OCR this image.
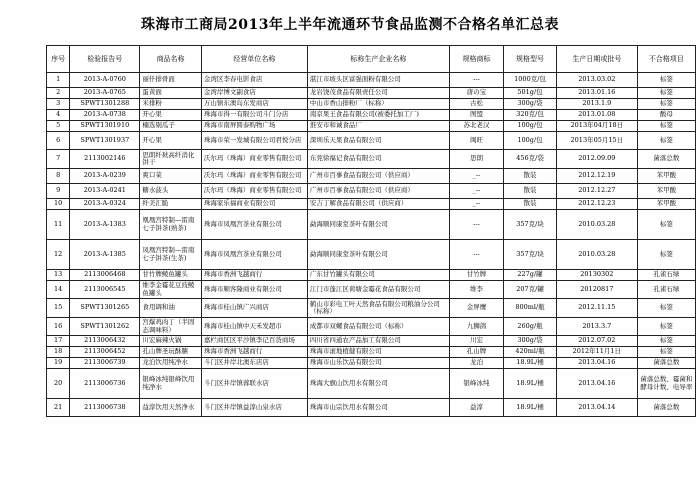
珠海市工商局2013年上半年流通环节食品监测不合格名单汇总表
序号	检验报告号	商品名称	经营单位名称	标称生产企业名称	规格商标	规格型号	生产日期或批号	不合格项目
1	2013-A-0760	丽仟排骨面	金湾区李春电影食店	湛江市坡头区富强面粉有限公司	---	1000克/包	2013.03.02	标签
2	2013-A-0765	蛋黄面	金湾岸博文副食店	龙岩饶茂食品有限责任公司	唐の宝	501g/包	2013.01.16	标签
3	SPWT1301288	米排粉	万山镇东澳岛东发商店	中山市香山排粉厂（标称）	古松	300g/袋	2013.1.9	标签
4	2013-A-0738	开心果	珠海市得一有限公司斗门分店	南京果王食品有限公司(被委托加工厂)	图盟	320克/包	2013.01.08	酸母
5	SPWT1301910	楠选剔瓜子	珠海市南屏圆泰购物广场	淮安市和诚食品厂	苏北老汉	100g/包	2013年04月18日	标签
6	SPWT1301937	开心果	珠海市荣一发城有限公司君悦分店	深圳乐天果食品有限公司	闽旺	100g/包	2013年05月15日	标签
7	2113002146	思朗纤麸高纤消化饼干	沃尔玛（珠海）商业零售有限公司	东莞徐福记食品有限公司	思朗	456克/袋	2012.09.09	菌落总数
8	2013-A-0239	爽口菜	沃尔玛（珠海）商业零售有限公司	广州市百事食品有限公司（供应商）	_--	散装	2012.12.19	苯甲酸
9	2013-A-0241	糖水菠头	沃尔玛（珠海）商业零售有限公司	广州市百事食品有限公司（供应商）	_--	散装	2012.12.27	苯甲酸
10	2013-A-0324	纤美汇脆	珠海家乐福商业有限公司	安吉丁解食品有限公司（供应商）	_--	散装	2012.12.23	苯甲酸
11	2013-A-1383	凰凰宫特制—雷南七子饼茶(熟茶)	珠海市凤凰宫茶业有限公司	勐海顺同康堂茶叶有限公司	---	357克/块	2010.03.28	标签
12	2013-A-1385	凤凰宫特制—雷南七子饼茶(生茶)	珠海市凤凰宫茶业有限公司	勐海顺同康堂茶叶有限公司	---	357克/块	2010.03.28	标签
13	2113006468	甘竹牌鲮鱼罐头	珠海市香洲飞越商行	广东甘竹罐头有限公司	甘竹牌	227g/罐	20130302	孔雀石绿
14	2113006545	维李金霉花豆豉鲮鱼罐头	珠海市顺客隆商业有限公司	江门市蓬江区荷塘金霉花食品有限公司	维李	207克/罐	20120817	孔雀石绿
15	SPWT1301265	食用调和油	珠海市桂山镇广兴商店	鹤山市彩电工叶天然食品有限公司粮油分公司（标称）	金屏鹰	800ml/瓶	2012.11.15	标签
16	SPWT1301262	宫爆鸡肉丁（半固态调味料）	珠海市桂山镇中天禾发超市	成都市双螺食品有限公司（标称）	九狮鸽	260g/瓶	2013.3.7	标签
17	2113006432	川宏麻辣火锅	嘉栏商区区平沙镇李记百货商场	四川省四通农产品加工有限公司	川宏	300g/袋	2012.07.02	标签
18	2113006452	孔山牌圣玩酥腩	珠海市香洲飞越商行	珠海市滚地植健有限公司	孔山牌	420ml/瓶	2012年11月1日	标签
19	2113006739	龙泊饮用纯净水	斗门区井岸北澳东店店	珠海市山乐饮品有限公司	龙泊	18.9L/桶	2013.04.16	菌落总数
20	2113006736	银峰冰纯银峰饮用纯净水	斗门区井岸镇蓉联水店	珠海大旗山饮用水有限公司	银峰冰纯	18.9L/桶	2013.04.16	菌落总数、霉菌和酵母计数、电导率
21	2113006738	益淳饮用天然净水	斗门区井岸镇益淳山泉水店	珠海市山宗饮用水有限公司	益淳	18.9L/桶	2013.04.14	菌落总数
